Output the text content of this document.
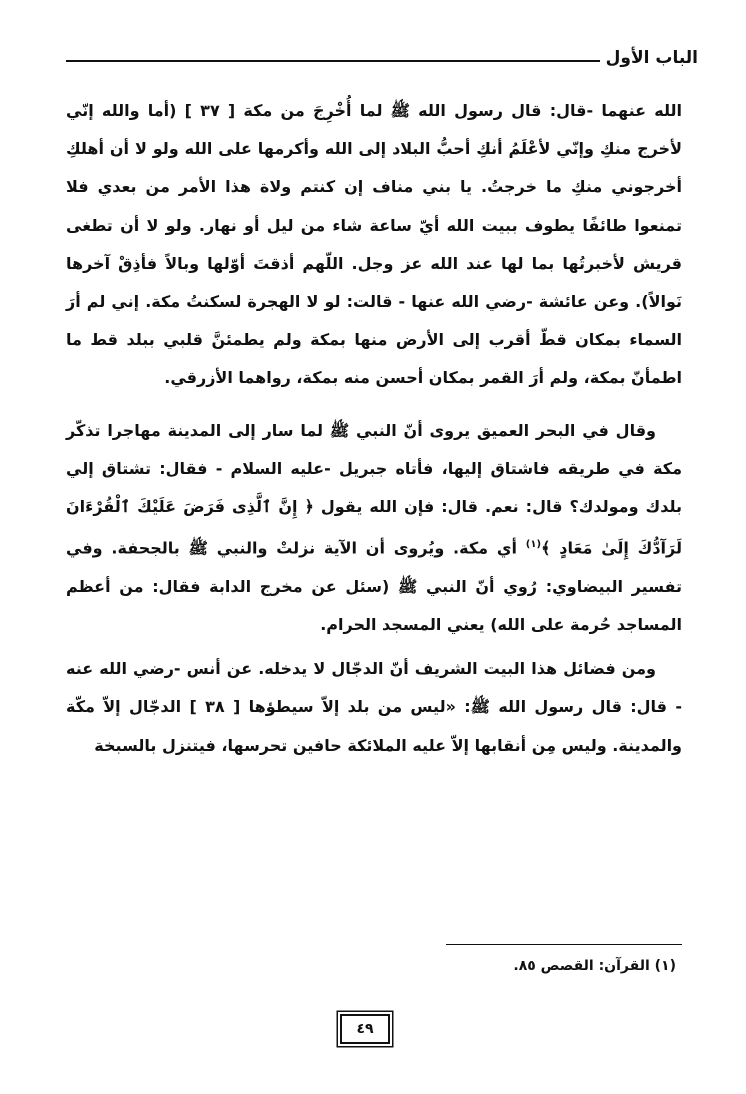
الباب الأول

الله عنهما -قال: قال رسول الله ﷺ لما أُخْرِجَ من مكة [ ٣٧ ] (أما والله إنّي لأخرج منكِ وإنّي لأعْلَمُ أنكِ أحبُّ البلاد إلى الله وأكرمها على الله ولو لا أن أهلكِ أخرجوني منكِ ما خرجتُ. يا بني مناف إن كنتم ولاة هذا الأمر من بعدي فلا تمنعوا طائفًا يطوف ببيت الله أيّ ساعة شاء من ليل أو نهار. ولو لا أن تطغى قريش لأخبرتُها بما لها عند الله عز وجل. اللّهم أذقتَ أوّلها وبالاً فأذِقْ آخرها نَوالاً). وعن عائشة -رضي الله عنها - قالت: لو لا الهجرة لسكنتُ مكة. إني لم أرَ السماء بمكان قطّ أقرب إلى الأرض منها بمكة ولم يطمئنَّ قلبي ببلد قط ما اطمأنّ بمكة، ولم أرَ القمر بمكان أحسن منه بمكة، رواهما الأزرقي.

وقال في البحر العميق يروى أنّ النبي ﷺ لما سار إلى المدينة مهاجرا تذكّر مكة في طريقه فاشتاق إليها، فأتاه جبريل -عليه السلام - فقال: تشتاق إلي بلدك ومولدك؟ قال: نعم. قال: فإن الله يقول ﴿ إِنَّ ٱلَّذِى فَرَضَ عَلَيْكَ ٱلْقُرْءَانَ لَرَآدُّكَ إِلَىٰ مَعَادٍ ﴾$^{(١)}$ أي مكة. ويُروى أن الآية نزلتْ والنبي ﷺ بالجحفة. وفي تفسير البيضاوي: رُوي أنّ النبي ﷺ (سئل عن مخرج الدابة فقال: من أعظم المساجد حُرمة على الله) يعني المسجد الحرام.

ومن فضائل هذا البيت الشريف أنّ الدجّال لا يدخله. عن أنس -رضي الله عنه - قال: قال رسول الله ﷺ: «ليس من بلد إلاّ سيطؤها [ ٣٨ ] الدجّال إلاّ مكّة والمدينة. وليس مِن أنقابها إلاّ عليه الملائكة حافين تحرسها، فيتنزل بالسبخة

(١) القرآن: القصص ٨٥.
٤٩
